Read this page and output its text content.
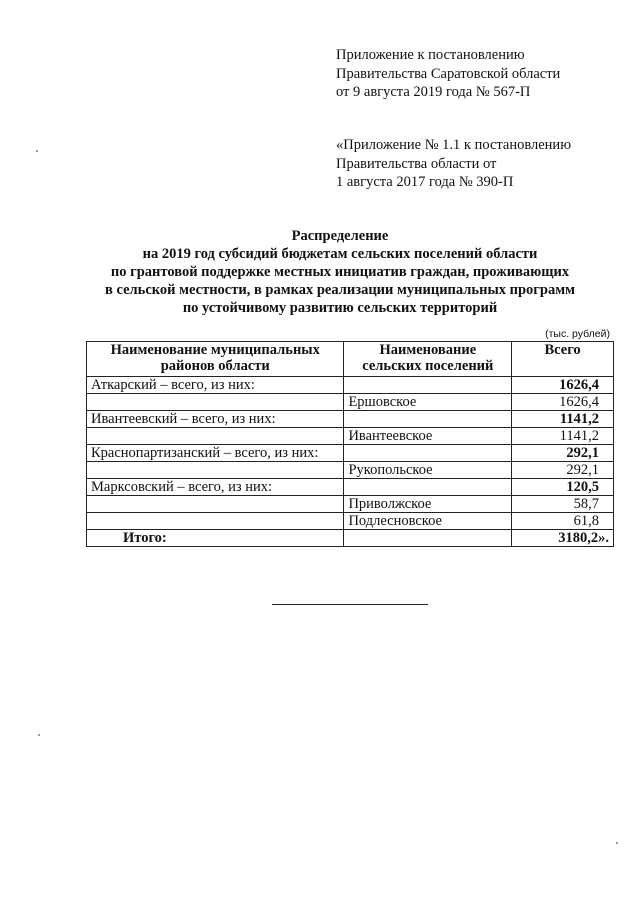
Приложение к постановлению
Правительства Саратовской области
от 9 августа 2019 года № 567-П
«Приложение № 1.1 к постановлению
Правительства области от
1 августа 2017 года № 390-П
Распределение
на 2019 год субсидий бюджетам сельских поселений области
по грантовой поддержке местных инициатив граждан, проживающих
в сельской местности, в рамках реализации муниципальных программ
по устойчивому развитию сельских территорий
(тыс. рублей)
Наименование муниципальных районов области	Наименование сельских поселений	Всего
Аткарский – всего, из них:		1626,4
	Ершовское	1626,4
Ивантеевский – всего, из них:		1141,2
	Ивантеевское	1141,2
Краснопартизанский – всего, из них:		292,1
	Рукопольское	292,1
Марксовский – всего, из них:		120,5
	Приволжское	58,7
	Подлесновское	61,8
Итого:		3180,2».
